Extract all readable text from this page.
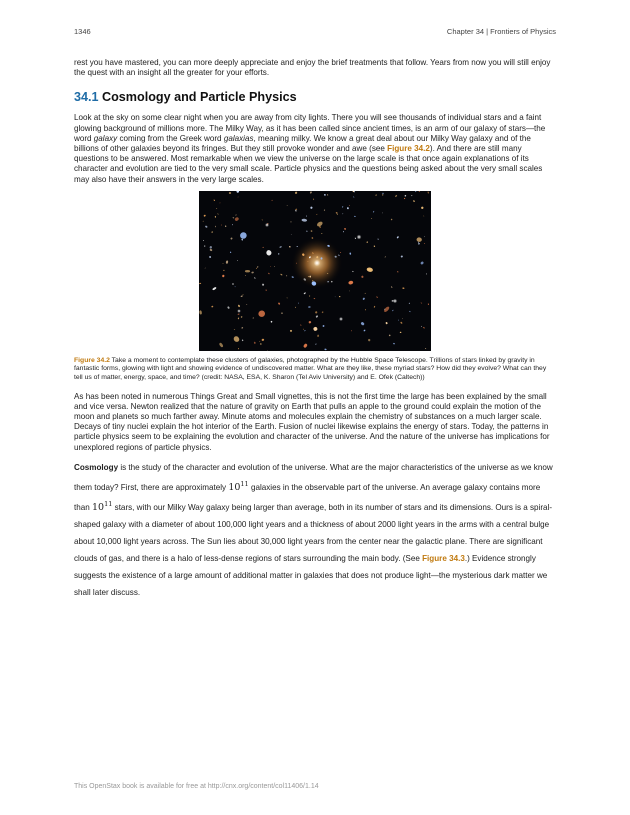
1346	Chapter 34 | Frontiers of Physics

rest you have mastered, you can more deeply appreciate and enjoy the brief treatments that follow. Years from now you will still enjoy the quest with an insight all the greater for your efforts.

34.1 Cosmology and Particle Physics

Look at the sky on some clear night when you are away from city lights. There you will see thousands of individual stars and a faint glowing background of millions more. The Milky Way, as it has been called since ancient times, is an arm of our galaxy of stars—the word galaxy coming from the Greek word galaxias, meaning milky. We know a great deal about our Milky Way galaxy and of the billions of other galaxies beyond its fringes. But they still provoke wonder and awe (see Figure 34.2). And there are still many questions to be answered. Most remarkable when we view the universe on the large scale is that once again explanations of its character and evolution are tied to the very small scale. Particle physics and the questions being asked about the very small scales may also have their answers in the very large scales.

Figure 34.2 Take a moment to contemplate these clusters of galaxies, photographed by the Hubble Space Telescope. Trillions of stars linked by gravity in fantastic forms, glowing with light and showing evidence of undiscovered matter. What are they like, these myriad stars? How did they evolve? What can they tell us of matter, energy, space, and time? (credit: NASA, ESA, K. Sharon (Tel Aviv University) and E. Ofek (Caltech))

As has been noted in numerous Things Great and Small vignettes, this is not the first time the large has been explained by the small and vice versa. Newton realized that the nature of gravity on Earth that pulls an apple to the ground could explain the motion of the moon and planets so much farther away. Minute atoms and molecules explain the chemistry of substances on a much larger scale. Decays of tiny nuclei explain the hot interior of the Earth. Fusion of nuclei likewise explains the energy of stars. Today, the patterns in particle physics seem to be explaining the evolution and character of the universe. And the nature of the universe has implications for unexplored regions of particle physics.

Cosmology is the study of the character and evolution of the universe. What are the major characteristics of the universe as we know them today? First, there are approximately $10^{11}$ galaxies in the observable part of the universe. An average galaxy contains more than $10^{11}$ stars, with our Milky Way galaxy being larger than average, both in its number of stars and its dimensions. Ours is a spiral-shaped galaxy with a diameter of about 100,000 light years and a thickness of about 2000 light years in the arms with a central bulge about 10,000 light years across. The Sun lies about 30,000 light years from the center near the galactic plane. There are significant clouds of gas, and there is a halo of less-dense regions of stars surrounding the main body. (See Figure 34.3.) Evidence strongly suggests the existence of a large amount of additional matter in galaxies that does not produce light—the mysterious dark matter we shall later discuss.

This OpenStax book is available for free at http://cnx.org/content/col11406/1.14
